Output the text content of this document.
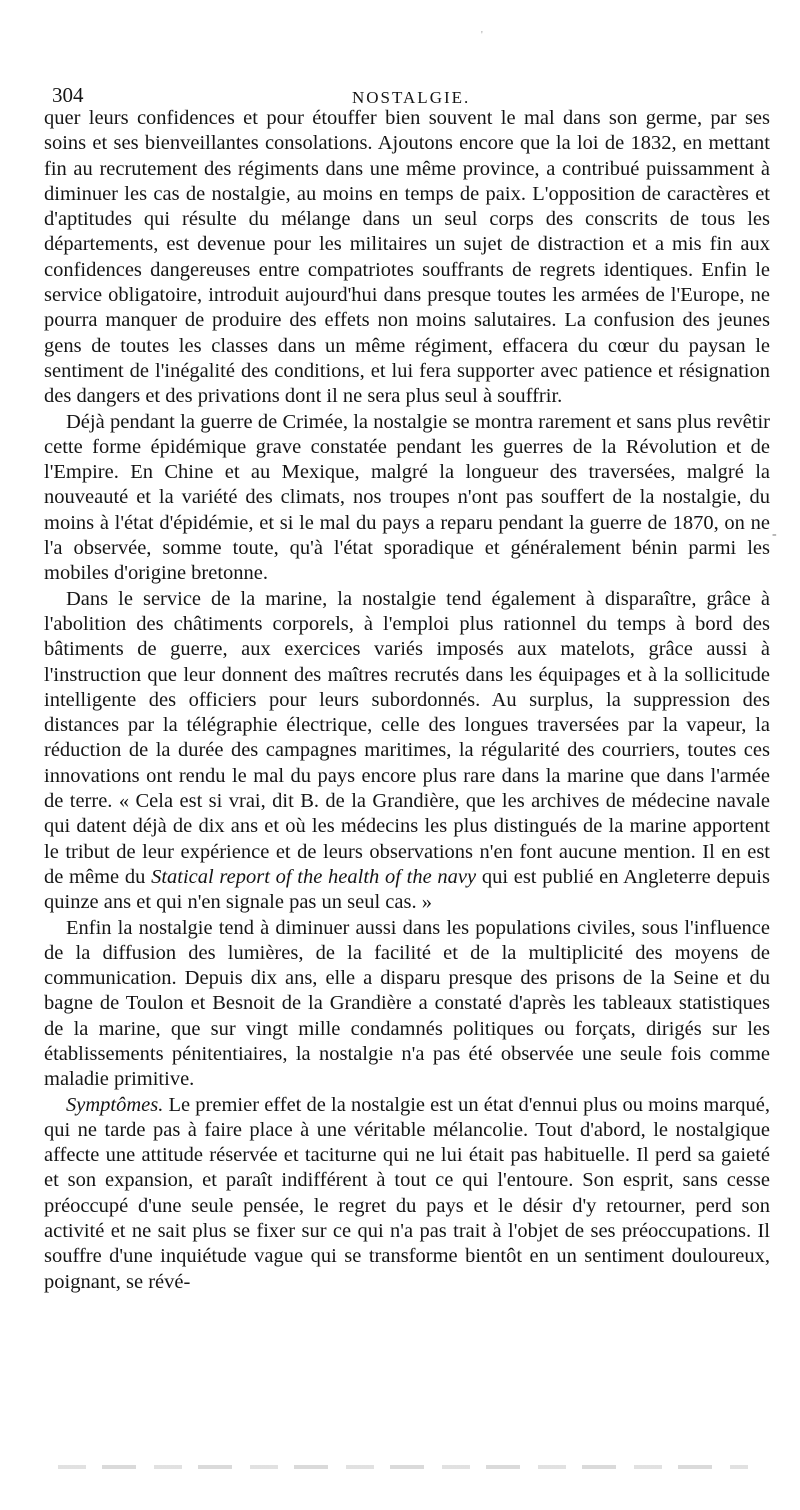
'
304	NOSTALGIE.

quer leurs confidences et pour étouffer bien souvent le mal dans son germe, par ses soins et ses bienveillantes consolations. Ajoutons encore que la loi de 1832, en mettant fin au recrutement des régiments dans une même province, a contribué puissamment à diminuer les cas de nostalgie, au moins en temps de paix. L'opposition de caractères et d'aptitudes qui résulte du mélange dans un seul corps des conscrits de tous les départements, est devenue pour les militaires un sujet de distraction et a mis fin aux confidences dangereuses entre compatriotes souffrants de regrets identiques. Enfin le service obligatoire, introduit aujourd'hui dans presque toutes les armées de l'Europe, ne pourra manquer de produire des effets non moins salutaires. La confusion des jeunes gens de toutes les classes dans un même régiment, effacera du cœur du paysan le sentiment de l'inégalité des conditions, et lui fera supporter avec patience et résignation des dangers et des privations dont il ne sera plus seul à souffrir.

Déjà pendant la guerre de Crimée, la nostalgie se montra rarement et sans plus revêtir cette forme épidémique grave constatée pendant les guerres de la Révolution et de l'Empire. En Chine et au Mexique, malgré la longueur des traversées, malgré la nouveauté et la variété des climats, nos troupes n'ont pas souffert de la nostalgie, du moins à l'état d'épidémie, et si le mal du pays a reparu pendant la guerre de 1870, on ne l'a observée, somme toute, qu'à l'état sporadique et généralement bénin parmi les mobiles d'origine bretonne.

Dans le service de la marine, la nostalgie tend également à disparaître, grâce à l'abolition des châtiments corporels, à l'emploi plus rationnel du temps à bord des bâtiments de guerre, aux exercices variés imposés aux matelots, grâce aussi à l'instruction que leur donnent des maîtres recrutés dans les équipages et à la sollicitude intelligente des officiers pour leurs subordonnés. Au surplus, la suppression des distances par la télégraphie électrique, celle des longues traversées par la vapeur, la réduction de la durée des campagnes maritimes, la régularité des courriers, toutes ces innovations ont rendu le mal du pays encore plus rare dans la marine que dans l'armée de terre. « Cela est si vrai, dit B. de la Grandière, que les archives de médecine navale qui datent déjà de dix ans et où les médecins les plus distingués de la marine apportent le tribut de leur expérience et de leurs observations n'en font aucune mention. Il en est de même du Statical report of the health of the navy qui est publié en Angleterre depuis quinze ans et qui n'en signale pas un seul cas. »

Enfin la nostalgie tend à diminuer aussi dans les populations civiles, sous l'influence de la diffusion des lumières, de la facilité et de la multiplicité des moyens de communication. Depuis dix ans, elle a disparu presque des prisons de la Seine et du bagne de Toulon et Besnoit de la Grandière a constaté d'après les tableaux statistiques de la marine, que sur vingt mille condamnés politiques ou forçats, dirigés sur les établissements pénitentiaires, la nostalgie n'a pas été observée une seule fois comme maladie primitive.

Symptômes. Le premier effet de la nostalgie est un état d'ennui plus ou moins marqué, qui ne tarde pas à faire place à une véritable mélancolie. Tout d'abord, le nostalgique affecte une attitude réservée et taciturne qui ne lui était pas habituelle. Il perd sa gaieté et son expansion, et paraît indifférent à tout ce qui l'entoure. Son esprit, sans cesse préoccupé d'une seule pensée, le regret du pays et le désir d'y retourner, perd son activité et ne sait plus se fixer sur ce qui n'a pas trait à l'objet de ses préoccupations. Il souffre d'une inquiétude vague qui se transforme bientôt en un sentiment douloureux, poignant, se révé-

-
